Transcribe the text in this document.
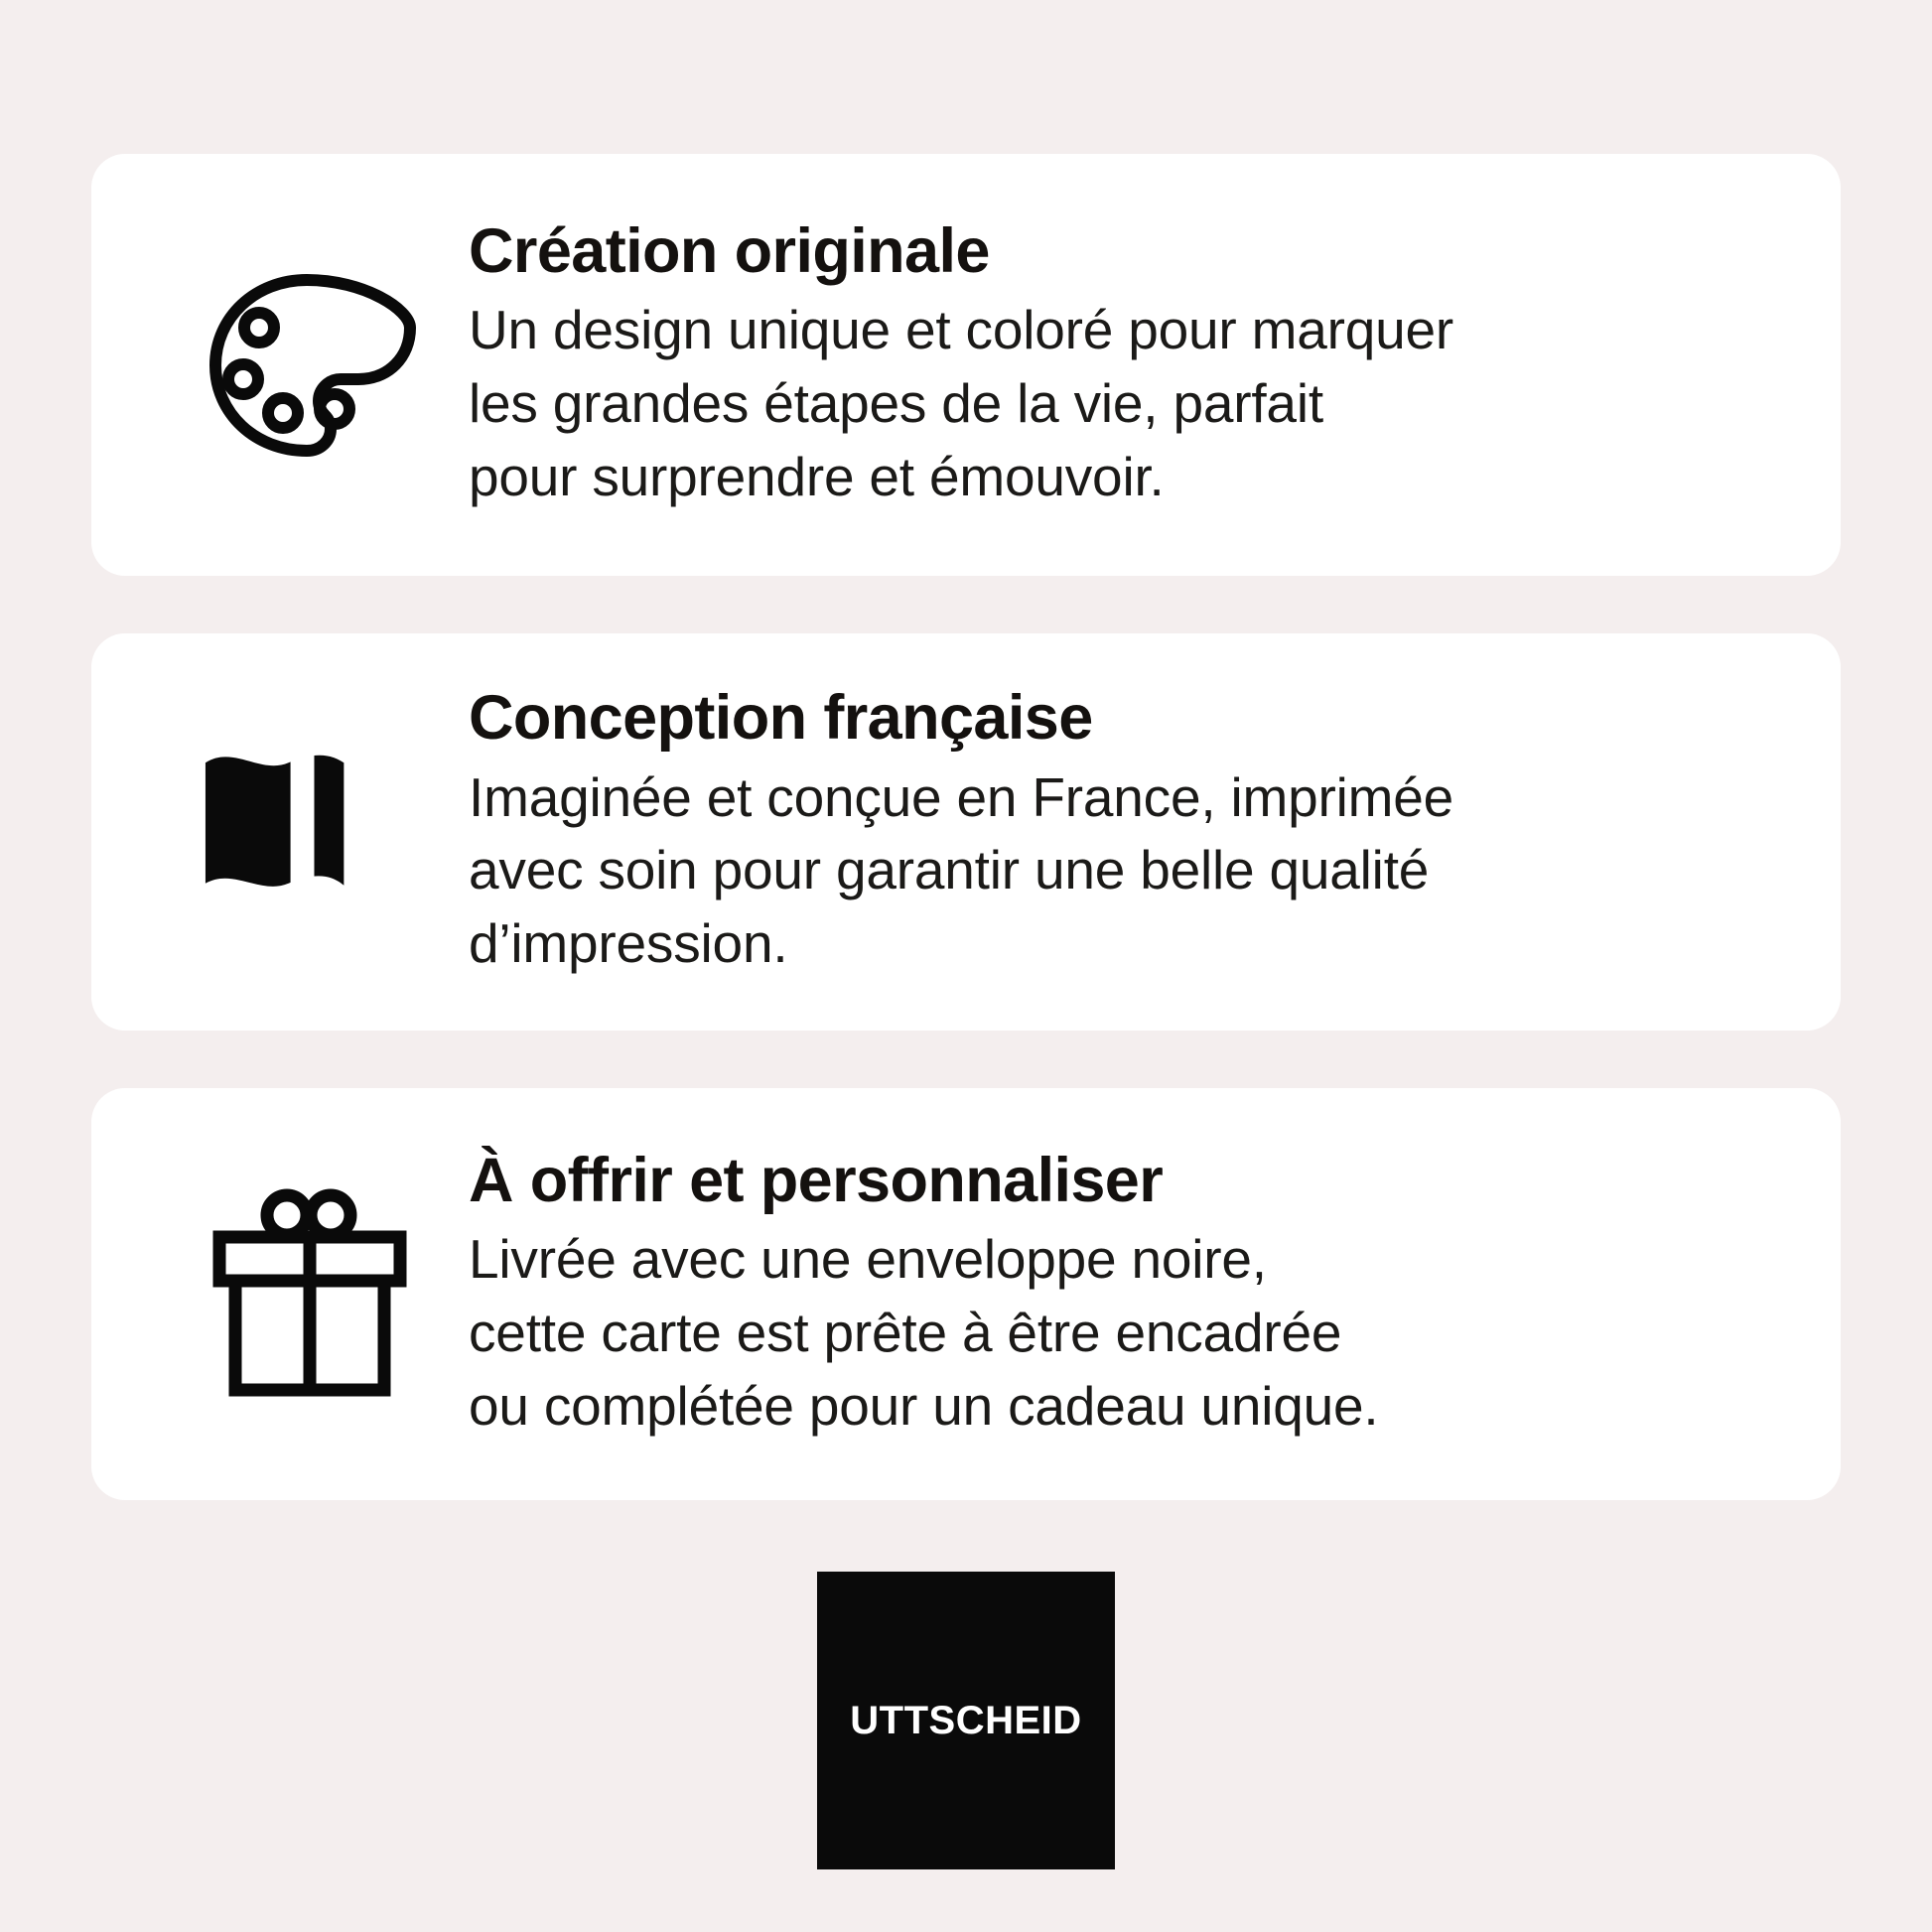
Création originale

Un design unique et coloré pour marquer
les grandes étapes de la vie, parfait
pour surprendre et émouvoir.

Conception française

Imaginée et conçue en France, imprimée
avec soin pour garantir une belle qualité
d’impression.

À offrir et personnaliser

Livrée avec une enveloppe noire,
cette carte est prête à être encadrée
ou complétée pour un cadeau unique.

UTTSCHEID
